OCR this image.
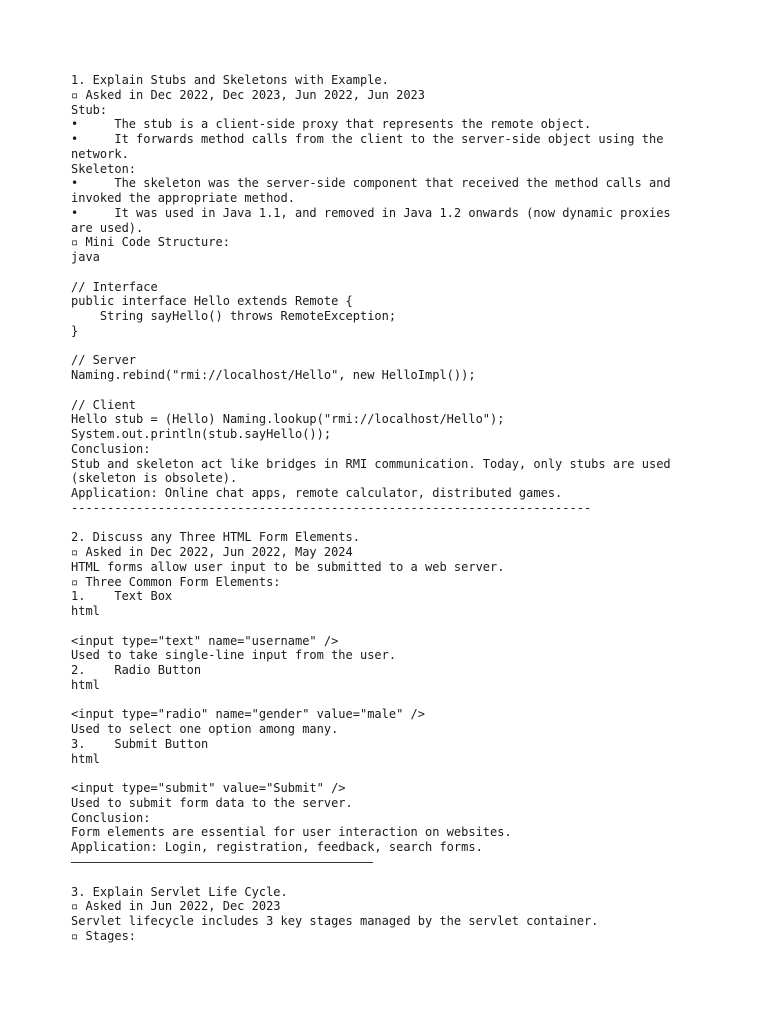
1. Explain Stubs and Skeletons with Example.
▫ Asked in Dec 2022, Dec 2023, Jun 2022, Jun 2023
Stub:
•     The stub is a client-side proxy that represents the remote object.
•     It forwards method calls from the client to the server-side object using the
network.
Skeleton:
•     The skeleton was the server-side component that received the method calls and
invoked the appropriate method.
•     It was used in Java 1.1, and removed in Java 1.2 onwards (now dynamic proxies
are used).
▫ Mini Code Structure:
java
// Interface
public interface Hello extends Remote {
String sayHello() throws RemoteException;
}
// Server
Naming.rebind("rmi://localhost/Hello", new HelloImpl());
// Client
Hello stub = (Hello) Naming.lookup("rmi://localhost/Hello");
System.out.println(stub.sayHello());
Conclusion:
Stub and skeleton act like bridges in RMI communication. Today, only stubs are used
(skeleton is obsolete).
Application: Online chat apps, remote calculator, distributed games.
------------------------------------------------------------------------
2. Discuss any Three HTML Form Elements.
▫ Asked in Dec 2022, Jun 2022, May 2024
HTML forms allow user input to be submitted to a web server.
▫ Three Common Form Elements:
1.    Text Box
html
<input type="text" name="username" />
Used to take single-line input from the user.
2.    Radio Button
html
<input type="radio" name="gender" value="male" />
Used to select one option among many.
3.    Submit Button
html
<input type="submit" value="Submit" />
Used to submit form data to the server.
Conclusion:
Form elements are essential for user interaction on websites.
Application: Login, registration, feedback, search forms.
3. Explain Servlet Life Cycle.
▫ Asked in Jun 2022, Dec 2023
Servlet lifecycle includes 3 key stages managed by the servlet container.
▫ Stages:
